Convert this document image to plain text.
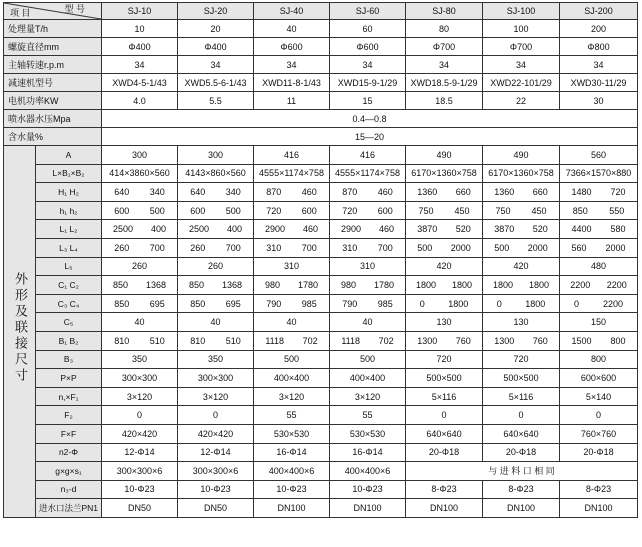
型 号
项 目		SJ-10	SJ-20	SJ-40	SJ-60	SJ-80	SJ-100	SJ-200
处理量T/h		10	20	40	60	80	100	200
螺旋直径mm		Φ400	Φ400	Φ600	Φ600	Φ700	Φ700	Φ800
主轴转速r.p.m		34	34	34	34	34	34	34
减速机型号		XWD4-5-1/43	XWD5.5-6-1/43	XWD11-8-1/43	XWD15-9-1/29	XWD18.5-9-1/29	XWD22-101/29	XWD30-11/29
电机功率KW		4.0	5.5	11	15	18.5	22	30
喷水器水压Mpa		0.4—0.8						
含水量%		15—20						
外形及联接尺寸	A	300	300	416	416	490	490	560
	L×B₁×B₂	414×3860×560	4143×860×560	4555×1174×758	4555×1174×758	6170×1360×758	6170×1360×758	7366×1570×880
	H₁ H₂	640 340	640 340	870 460	870 460	1360 660	1360 660	1480 720

	h₁ h₂	600 500	600 500	720 600	720 600	750 450	750 450	850 550

	L₁ L₂	2500 400	2500 400	2900 460	2900 460	3870 520	3870 520	4400 580

	L₃ L₄	260 700	260 700	310 700	310 700	500 2000	500 2000	560 2000

	L₅	260	260	310	310	420	420	480
	C₁ C₂	850 1368	850 1368	980 1780	980 1780	1800 1800	1800 1800	2200 2200

	C₃ C₄	850 695	850 695	790 985	790 985	0 1800	0 1800	0 2200

	C₅	40	40	40	40	130	130	150
	B₁ B₂	810 510	810 510	1118 702	1118 702	1300 760	1300 760	1500 800

	B₃	350	350	500	500	720	720	800
	P×P	300×300	300×300	400×400	400×400	500×500	500×500	600×600
	n,×F₁	3×120	3×120	3×120	3×120	5×116	5×116	5×140
	F₂	0	0	55	55	0	0	0
	F×F	420×420	420×420	530×530	530×530	640×640	640×640	760×760
	n2-Φ	12-Φ14	12-Φ14	16-Φ14	16-Φ14	20-Φ18	20-Φ18	20-Φ18
	g×g×s₁	300×300×6	300×300×6	400×400×6	400×400×6	与 进 料 口 相 同		
	n₃-d	10-Φ23	10-Φ23	10-Φ23	10-Φ23	8-Φ23	8-Φ23	8-Φ23
	进水口法兰PN1	DN50	DN50	DN100	DN100	DN100	DN100	DN100
